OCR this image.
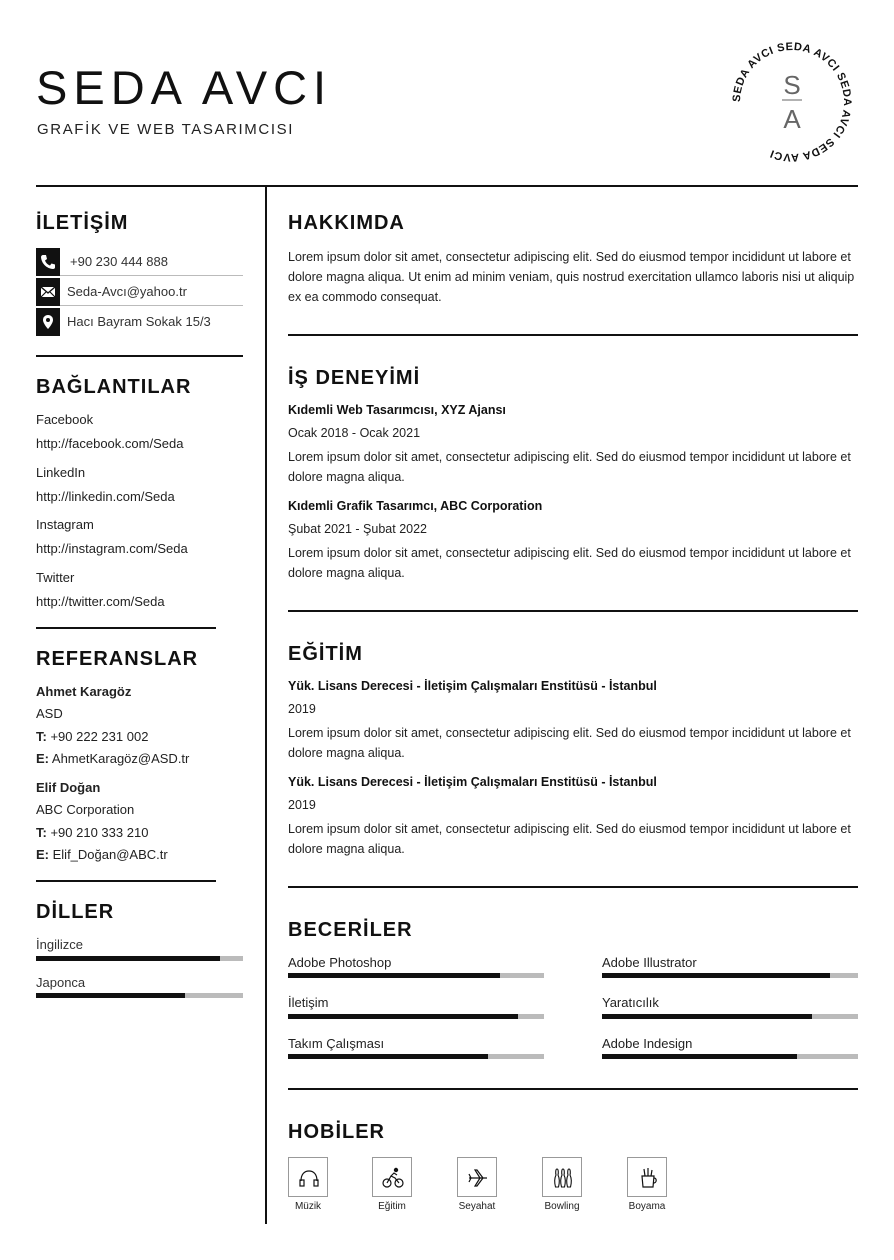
SEDA AVCI
GRAFİK VE WEB TASARIMCISI
SEDA AVCI SEDA AVCI SEDA AVCI SEDA AVCI
S
A
İLETİŞİM
+90 230 444 888
Seda-Avcı@yahoo.tr
Hacı Bayram Sokak 15/3
BAĞLANTILAR
Facebook
http://facebook.com/Seda
LinkedIn
http://linkedin.com/Seda
Instagram
http://instagram.com/Seda
Twitter
http://twitter.com/Seda
REFERANSLAR
Ahmet Karagöz
ASD
T: +90 222 231 002
E: AhmetKaragöz@ASD.tr
Elif Doğan
ABC Corporation
T: +90 210 333 210
E: Elif_Doğan@ABC.tr
DİLLER
İngilizce
Japonca
HAKKIMDA
Lorem ipsum dolor sit amet, consectetur adipiscing elit. Sed do eiusmod tempor incididunt ut labore et dolore magna aliqua. Ut enim ad minim veniam, quis nostrud exercitation ullamco laboris nisi ut aliquip ex ea commodo consequat.
İŞ DENEYİMİ
Kıdemli Web Tasarımcısı, XYZ Ajansı
Ocak 2018 - Ocak 2021
Lorem ipsum dolor sit amet, consectetur adipiscing elit. Sed do eiusmod tempor incididunt ut labore et dolore magna aliqua.
Kıdemli Grafik Tasarımcı, ABC Corporation
Şubat 2021 - Şubat 2022
Lorem ipsum dolor sit amet, consectetur adipiscing elit. Sed do eiusmod tempor incididunt ut labore et dolore magna aliqua.
EĞİTİM
Yük. Lisans Derecesi - İletişim Çalışmaları Enstitüsü - İstanbul
2019
Lorem ipsum dolor sit amet, consectetur adipiscing elit. Sed do eiusmod tempor incididunt ut labore et dolore magna aliqua.
Yük. Lisans Derecesi - İletişim Çalışmaları Enstitüsü - İstanbul
2019
Lorem ipsum dolor sit amet, consectetur adipiscing elit. Sed do eiusmod tempor incididunt ut labore et dolore magna aliqua.
BECERİLER
Adobe Photoshop	Adobe Illustrator
İletişim	Yaratıcılık
Takım Çalışması	Adobe Indesign
HOBİLER
Müzik	Eğitim	Seyahat	Bowling	Boyama
